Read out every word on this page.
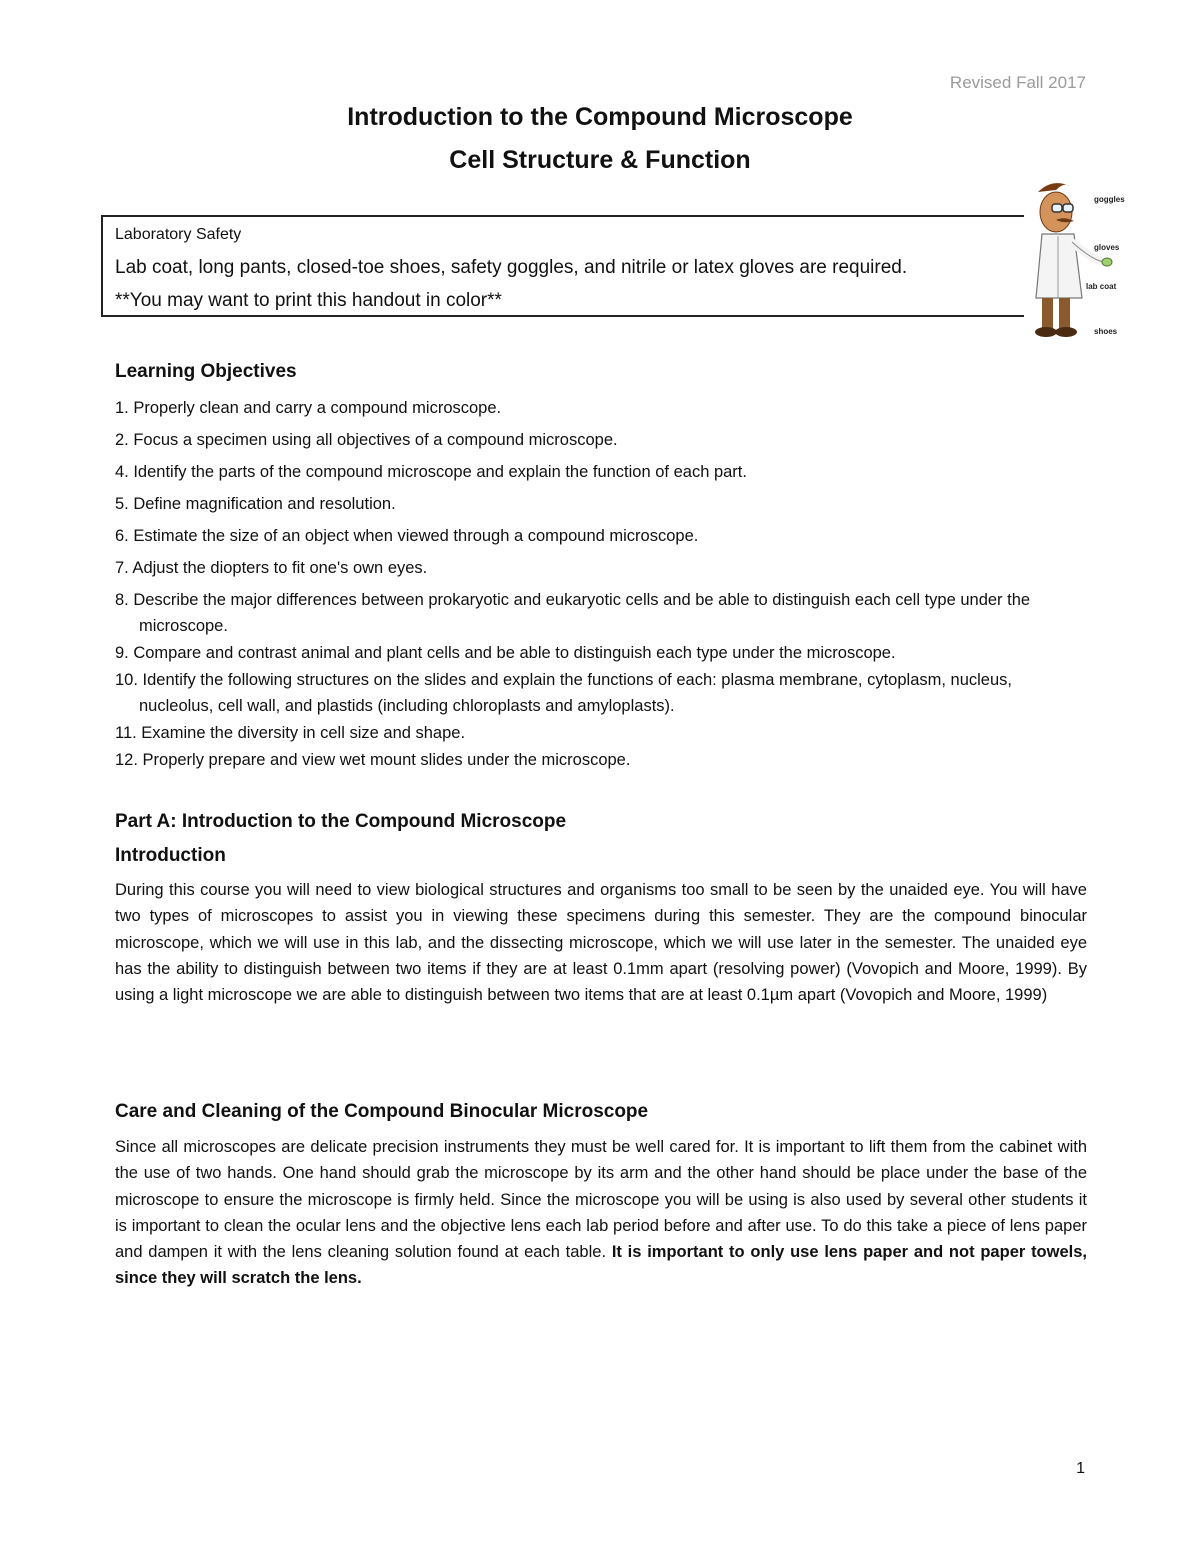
Revised Fall 2017
Introduction to the Compound Microscope
Cell Structure & Function
Laboratory Safety
Lab coat, long pants, closed-toe shoes, safety goggles, and nitrile or latex gloves are required.
**You may want to print this handout in color**
goggles
gloves
lab coat
shoes
Learning Objectives
1. Properly clean and carry a compound microscope.
2. Focus a specimen using all objectives of a compound microscope.
4. Identify the parts of the compound microscope and explain the function of each part.
5. Define magnification and resolution.
6. Estimate the size of an object when viewed through a compound microscope.
7. Adjust the diopters to fit one's own eyes.
8. Describe the major differences between prokaryotic and eukaryotic cells and be able to distinguish each cell type under the microscope.
9. Compare and contrast animal and plant cells and be able to distinguish each type under the microscope.
10. Identify the following structures on the slides and explain the functions of each: plasma membrane, cytoplasm, nucleus, nucleolus, cell wall, and plastids (including chloroplasts and amyloplasts).
11. Examine the diversity in cell size and shape.
12. Properly prepare and view wet mount slides under the microscope.
Part A: Introduction to the Compound Microscope
Introduction

During this course you will need to view biological structures and organisms too small to be seen by the unaided eye. You will have two types of microscopes to assist you in viewing these specimens during this semester. They are the compound binocular microscope, which we will use in this lab, and the dissecting microscope, which we will use later in the semester. The unaided eye has the ability to distinguish between two items if they are at least 0.1mm apart (resolving power) (Vovopich and Moore, 1999). By using a light microscope we are able to distinguish between two items that are at least 0.1µm apart (Vovopich and Moore, 1999)

Care and Cleaning of the Compound Binocular Microscope

Since all microscopes are delicate precision instruments they must be well cared for. It is important to lift them from the cabinet with the use of two hands. One hand should grab the microscope by its arm and the other hand should be place under the base of the microscope to ensure the microscope is firmly held. Since the microscope you will be using is also used by several other students it is important to clean the ocular lens and the objective lens each lab period before and after use. To do this take a piece of lens paper and dampen it with the lens cleaning solution found at each table. It is important to only use lens paper and not paper towels, since they will scratch the lens.

1
